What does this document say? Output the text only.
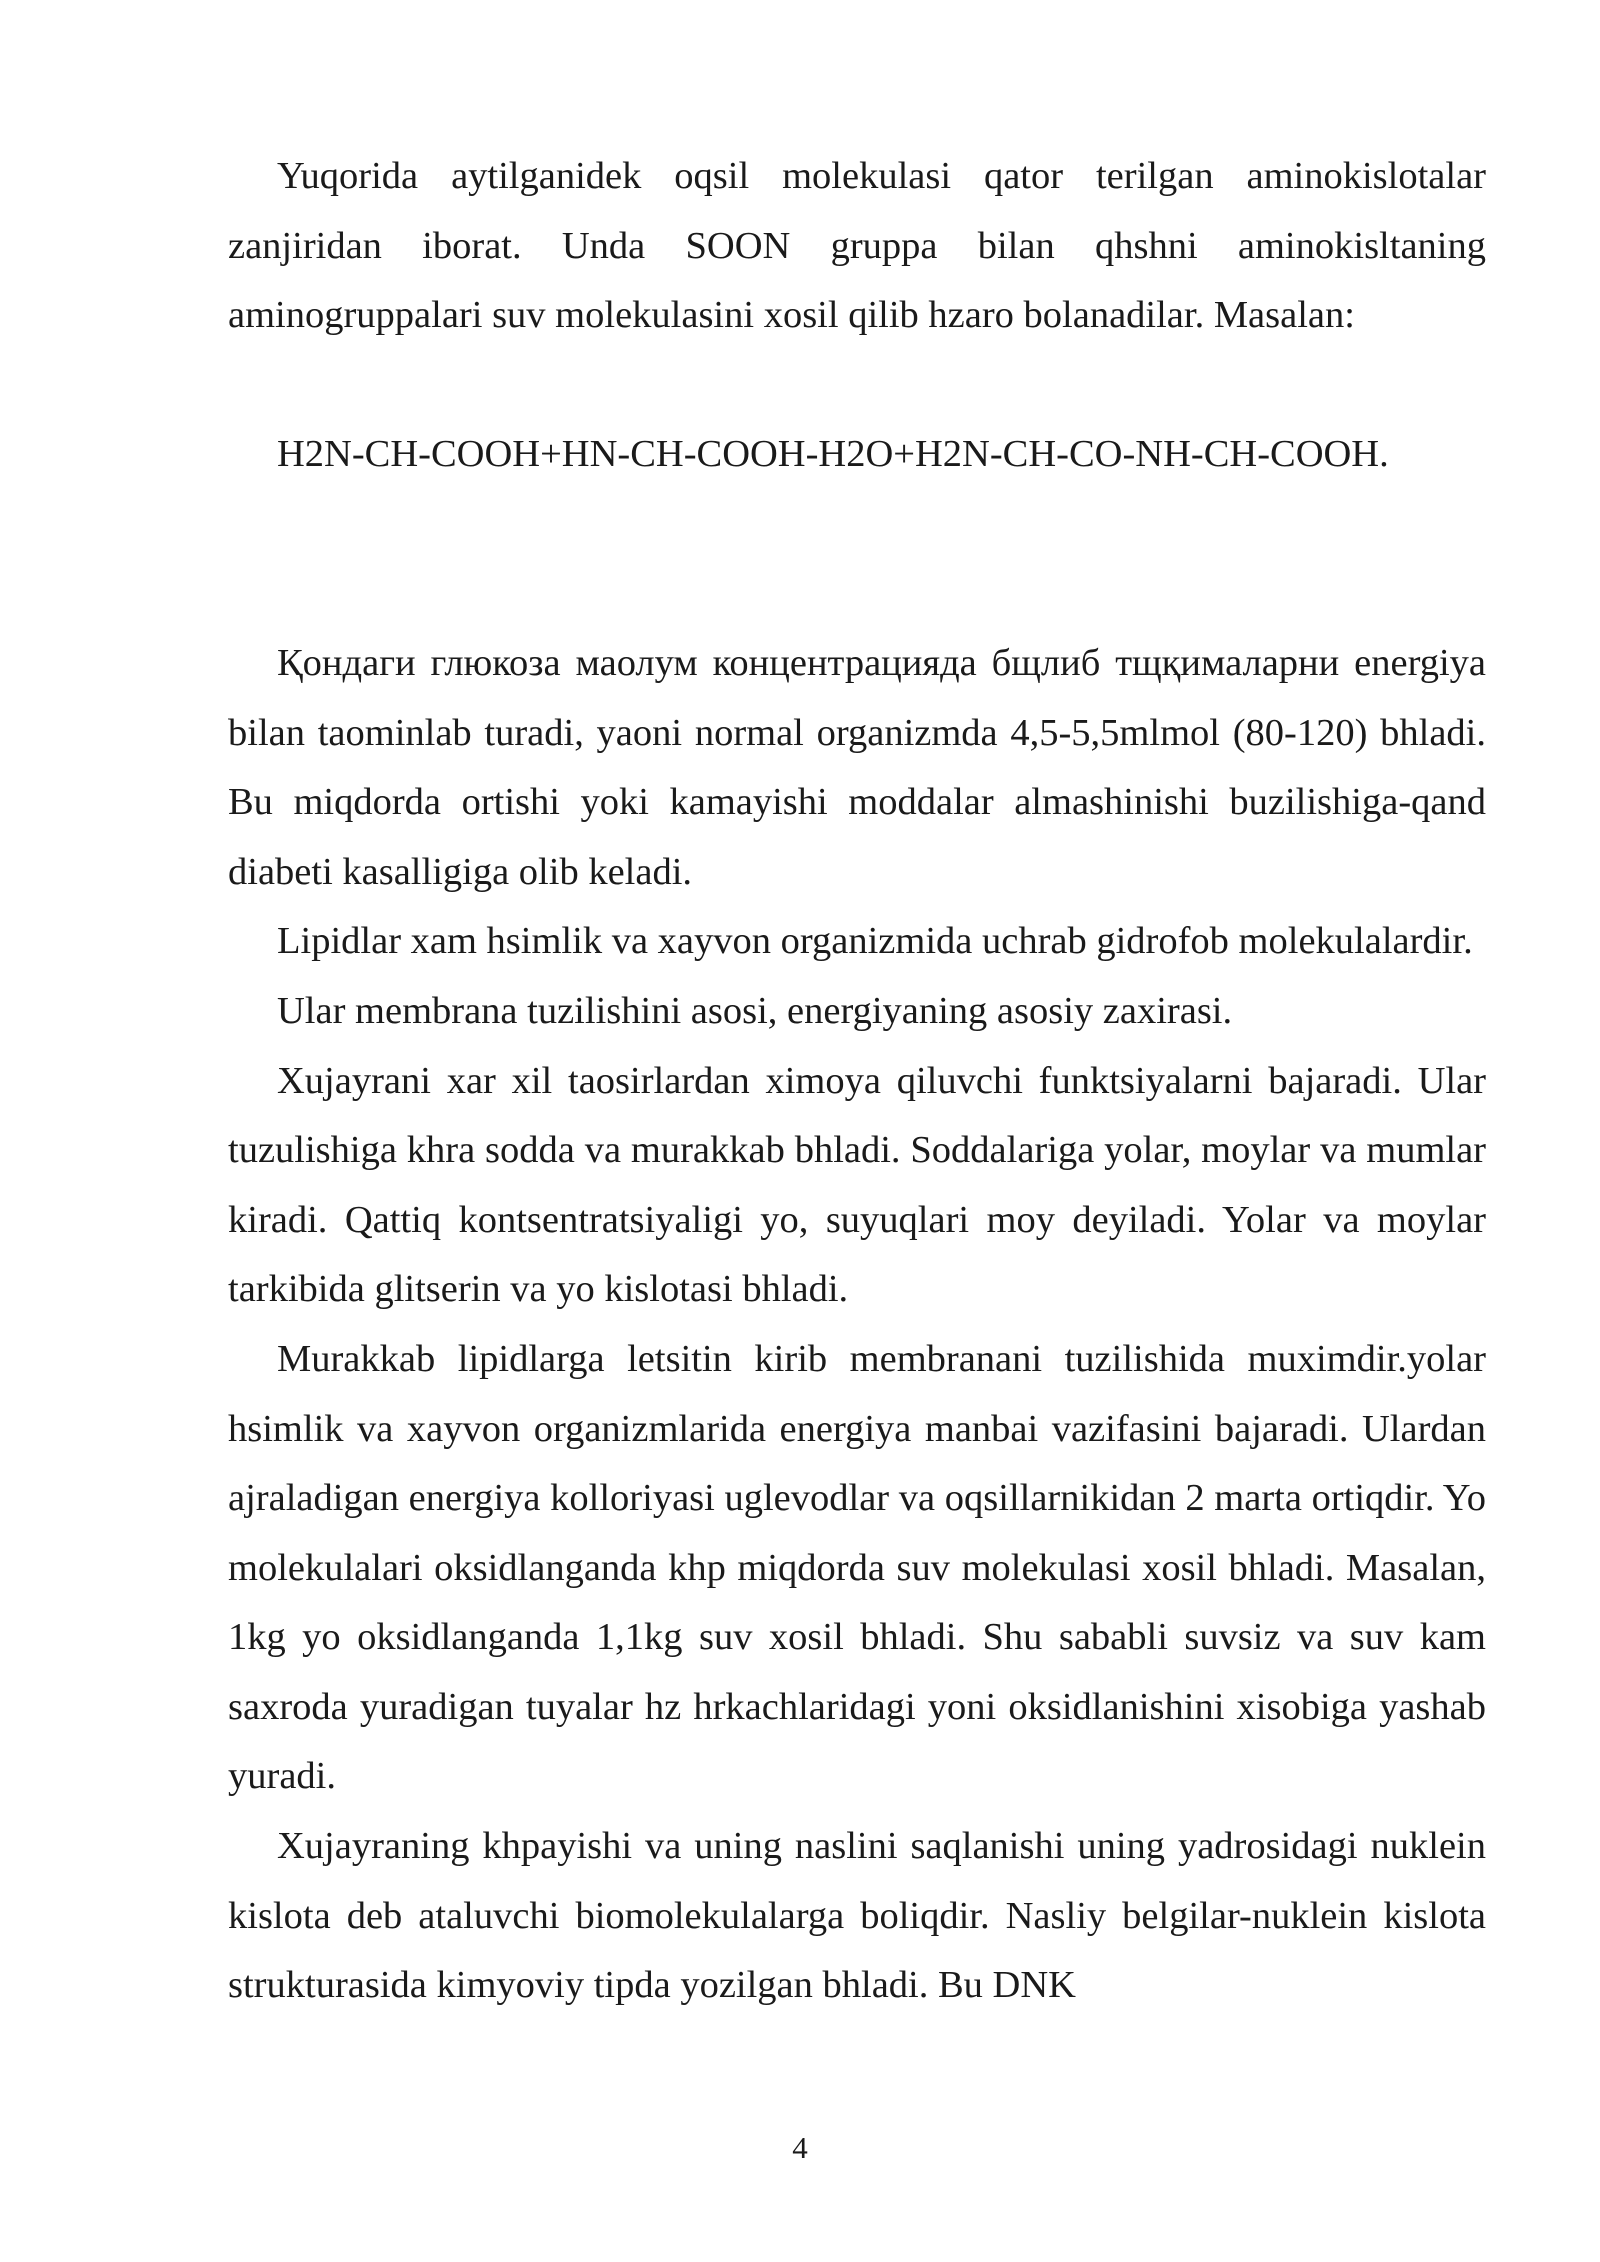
Yuqorida aytilganidek oqsil molekulasi qator terilgan aminokislotalar zanjiridan iborat. Unda SOON gruppa bilan qhshni aminokisltaning aminogruppalari suv molekulasini xosil qilib hzaro bolanadilar. Masalan:

H2N-CH-COOH+HN-CH-COOH-H2O+H2N-CH-CO-NH-CH-COOH.

Қондаги глюкоза маолум концентрацияда бщлиб тщқималарни energiya bilan taominlab turadi, yaoni normal organizmda 4,5-5,5mlmol (80-120) bhladi. Bu miqdorda ortishi yoki kamayishi moddalar almashinishi buzilishiga-qand diabeti kasalligiga olib keladi.

Lipidlar xam hsimlik va xayvon organizmida uchrab gidrofob molekulalardir.

Ular membrana tuzilishini asosi, energiyaning asosiy zaxirasi.

Xujayrani xar xil taosirlardan ximoya qiluvchi funktsiyalarni bajaradi. Ular tuzulishiga khra sodda va murakkab bhladi. Soddalariga yolar, moylar va mumlar kiradi. Qattiq kontsentratsiyaligi yo, suyuqlari moy deyiladi. Yolar va moylar tarkibida glitserin va yo kislotasi bhladi.

Murakkab lipidlarga letsitin kirib membranani tuzilishida muximdir.yolar hsimlik va xayvon organizmlarida energiya manbai vazifasini bajaradi. Ulardan ajraladigan energiya kolloriyasi uglevodlar va oqsillarnikidan 2 marta ortiqdir. Yo molekulalari oksidlanganda khp miqdorda suv molekulasi xosil bhladi. Masalan, 1kg yo oksidlanganda 1,1kg suv xosil bhladi. Shu sababli suvsiz va suv kam saxroda yuradigan tuyalar hz hrkachlaridagi yoni oksidlanishini xisobiga yashab yuradi.

Xujayraning khpayishi va uning naslini saqlanishi uning yadrosidagi nuklein kislota deb ataluvchi biomolekulalarga boliqdir. Nasliy belgilar-nuklein kislota strukturasida kimyoviy tipda yozilgan bhladi. Bu DNK

4
